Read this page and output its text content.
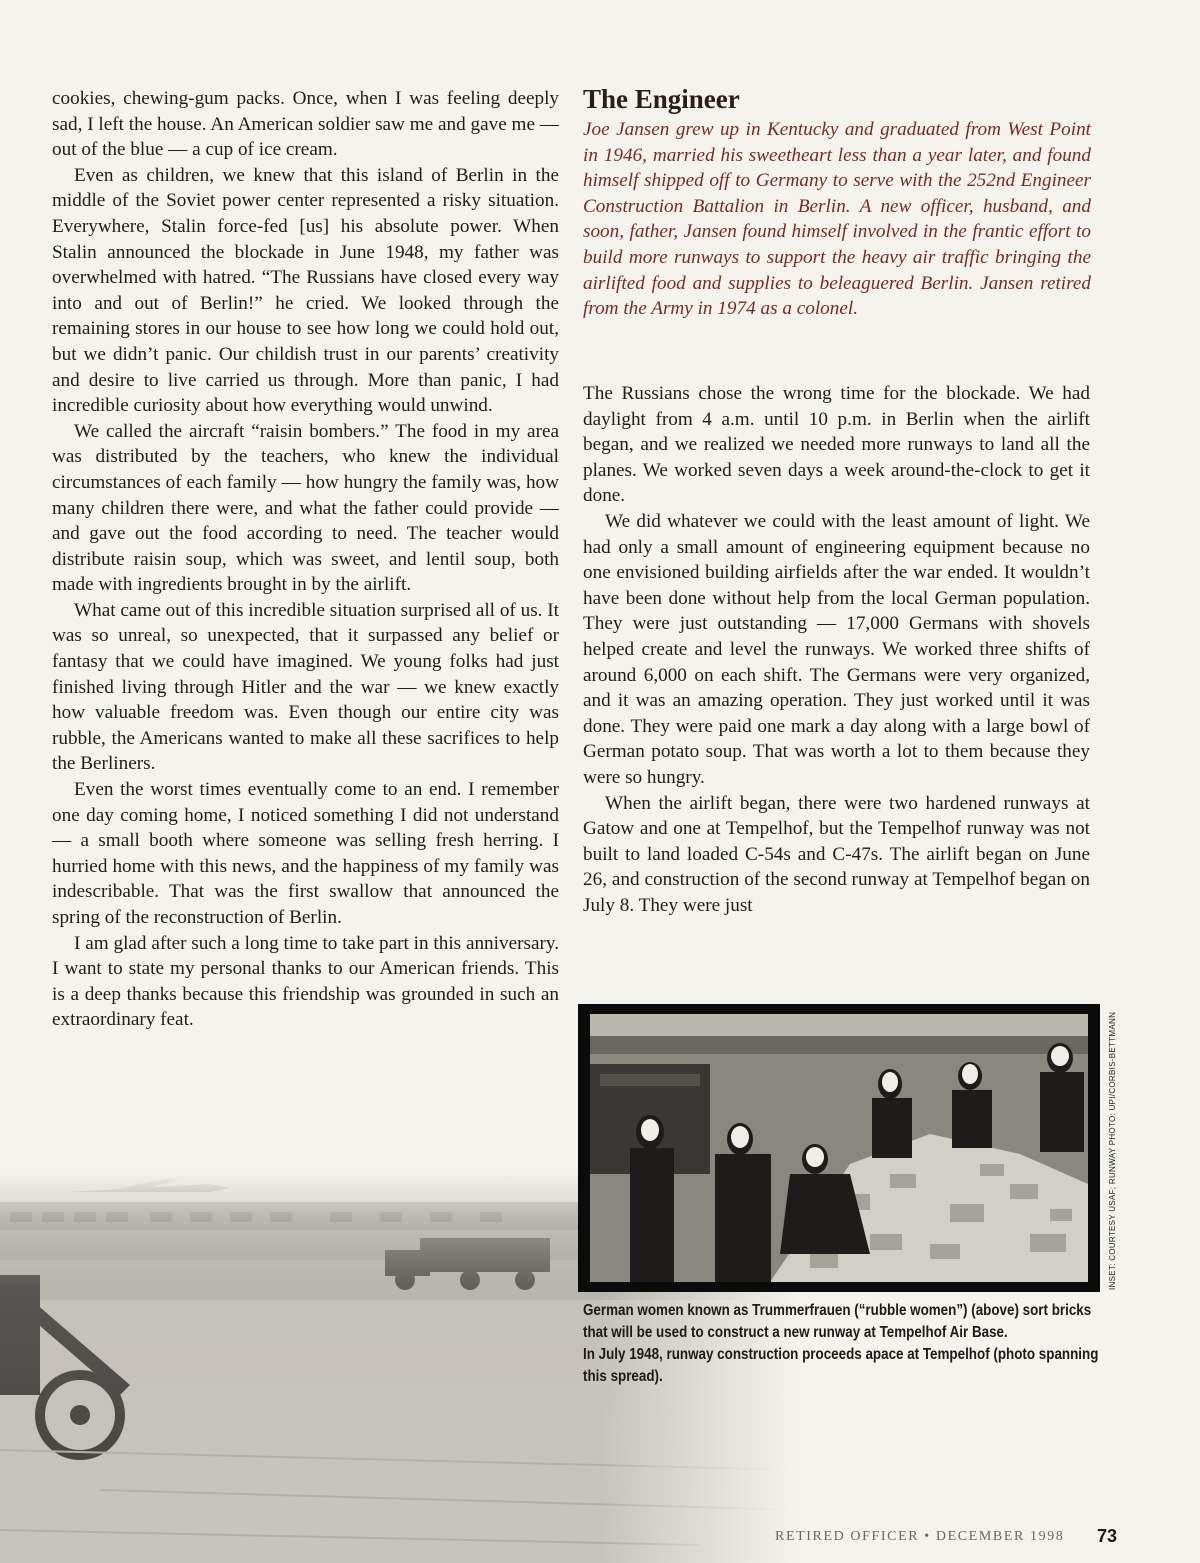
cookies, chewing-gum packs. Once, when I was feeling deeply sad, I left the house. An American soldier saw me and gave me — out of the blue — a cup of ice cream.

Even as children, we knew that this island of Berlin in the middle of the Soviet power center represented a risky situation. Everywhere, Stalin force-fed [us] his absolute power. When Stalin announced the blockade in June 1948, my father was overwhelmed with hatred. “The Russians have closed every way into and out of Berlin!” he cried. We looked through the remaining stores in our house to see how long we could hold out, but we didn’t panic. Our childish trust in our parents’ creativity and desire to live carried us through. More than panic, I had incredible curiosity about how everything would unwind.

We called the aircraft “raisin bombers.” The food in my area was distributed by the teachers, who knew the individual circumstances of each family — how hungry the family was, how many children there were, and what the father could provide — and gave out the food according to need. The teacher would distribute raisin soup, which was sweet, and lentil soup, both made with ingredients brought in by the airlift.

What came out of this incredible situation surprised all of us. It was so unreal, so unexpected, that it surpassed any belief or fantasy that we could have imagined. We young folks had just finished living through Hitler and the war — we knew exactly how valuable freedom was. Even though our entire city was rubble, the Americans wanted to make all these sacrifices to help the Berliners.

Even the worst times eventually come to an end. I remember one day coming home, I noticed something I did not understand — a small booth where someone was selling fresh herring. I hurried home with this news, and the happiness of my family was indescribable. That was the first swallow that announced the spring of the reconstruction of Berlin.

I am glad after such a long time to take part in this anniversary. I want to state my personal thanks to our American friends. This is a deep thanks because this friendship was grounded in such an extraordinary feat.

The Engineer

Joe Jansen grew up in Kentucky and graduated from West Point in 1946, married his sweetheart less than a year later, and found himself shipped off to Germany to serve with the 252nd Engineer Construction Battalion in Berlin. A new officer, husband, and soon, father, Jansen found himself involved in the frantic effort to build more runways to support the heavy air traffic bringing the airlifted food and supplies to beleaguered Berlin. Jansen retired from the Army in 1974 as a colonel.

The Russians chose the wrong time for the blockade. We had daylight from 4 a.m. until 10 p.m. in Berlin when the airlift began, and we realized we needed more runways to land all the planes. We worked seven days a week around-the-clock to get it done.

We did whatever we could with the least amount of light. We had only a small amount of engineering equipment because no one envisioned building airfields after the war ended. It wouldn’t have been done without help from the local German population. They were just outstanding — 17,000 Germans with shovels helped create and level the runways. We worked three shifts of around 6,000 on each shift. The Germans were very organized, and it was an amazing operation. They just worked until it was done. They were paid one mark a day along with a large bowl of German potato soup. That was worth a lot to them because they were so hungry.

When the airlift began, there were two hardened runways at Gatow and one at Tempelhof, but the Tempelhof runway was not built to land loaded C-54s and C-47s. The airlift began on June 26, and construction of the second runway at Tempelhof began on July 8. They were just

INSET: COURTESY USAF; RUNWAY PHOTO: UPI/CORBIS-BETTMANN

German women known as Trummerfrauen (“rubble women”) (above) sort bricks that will be used to construct a new runway at Tempelhof Air Base.

In July 1948, runway construction proceeds apace at Tempelhof (photo spanning this spread).

RETIRED OFFICER • DECEMBER 1998 73
